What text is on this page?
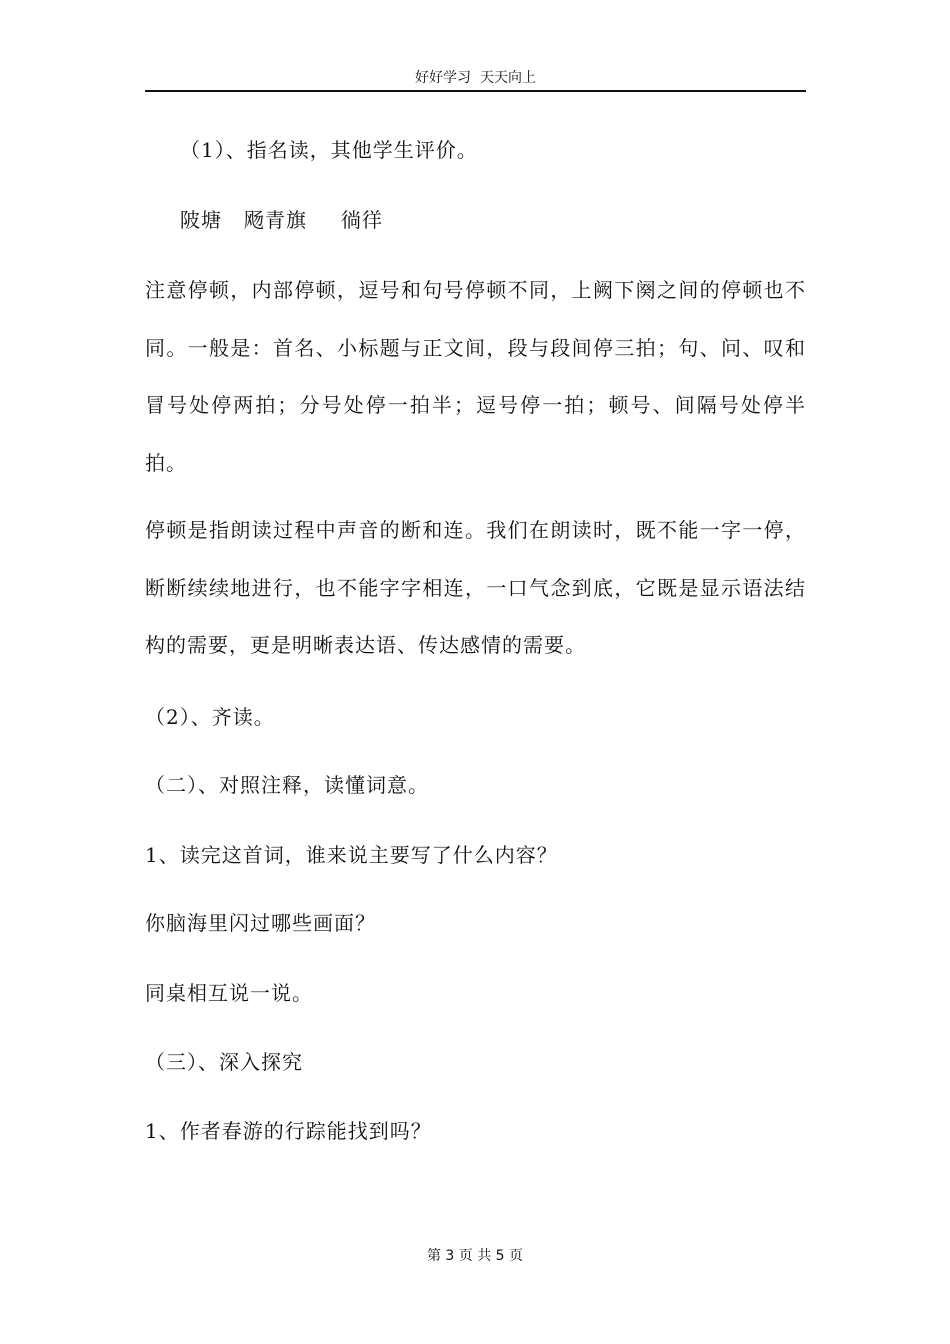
好好学习  天天向上

（1）、指名读，其他学生评价。

陂塘 飏青旗 徜徉

注意停顿，内部停顿，逗号和句号停顿不同，上阙下阕之间的停顿也不同。一般是：首名、小标题与正文间，段与段间停三拍；句、问、叹和冒号处停两拍；分号处停一拍半；逗号停一拍；顿号、间隔号处停半拍。

停顿是指朗读过程中声音的断和连。我们在朗读时，既不能一字一停，断断续续地进行，也不能字字相连，一口气念到底，它既是显示语法结构的需要，更是明晰表达语、传达感情的需要。

（2）、齐读。

（二）、对照注释，读懂词意。

1、读完这首词，谁来说主要写了什么内容？

你脑海里闪过哪些画面？

同桌相互说一说。

（三）、深入探究

1、作者春游的行踪能找到吗？

第 3 页 共 5 页
